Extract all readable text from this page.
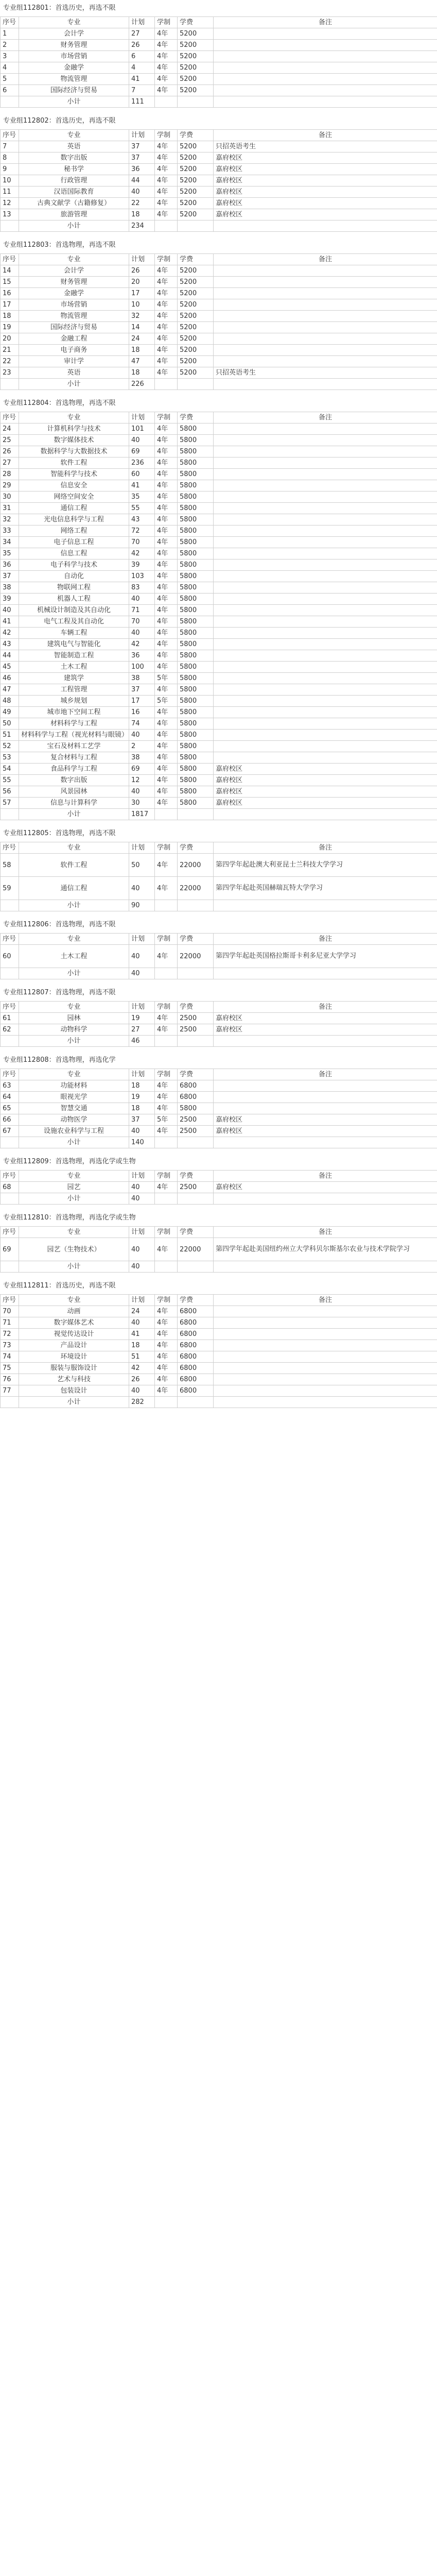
专业组112801：首选历史，再选不限
序号	专业	计划	学制	学费	备注
1	会计学	27	4年	5200	
2	财务管理	26	4年	5200	
3	市场营销	6	4年	5200	
4	金融学	4	4年	5200	
5	物流管理	41	4年	5200	
6	国际经济与贸易	7	4年	5200	
	小计	111			
专业组112802：首选历史，再选不限
序号	专业	计划	学制	学费	备注
7	英语	37	4年	5200	只招英语考生
8	数字出版	37	4年	5200	嘉府校区
9	秘书学	36	4年	5200	嘉府校区
10	行政管理	44	4年	5200	嘉府校区
11	汉语国际教育	40	4年	5200	嘉府校区
12	古典文献学（古籍修复）	22	4年	5200	嘉府校区
13	旅游管理	18	4年	5200	嘉府校区
	小计	234			
专业组112803：首选物理，再选不限
序号	专业	计划	学制	学费	备注
14	会计学	26	4年	5200	
15	财务管理	20	4年	5200	
16	金融学	17	4年	5200	
17	市场营销	10	4年	5200	
18	物流管理	32	4年	5200	
19	国际经济与贸易	14	4年	5200	
20	金融工程	24	4年	5200	
21	电子商务	18	4年	5200	
22	审计学	47	4年	5200	
23	英语	18	4年	5200	只招英语考生
	小计	226			
专业组112804：首选物理，再选不限
序号	专业	计划	学制	学费	备注
24	计算机科学与技术	101	4年	5800	
25	数字媒体技术	40	4年	5800	
26	数据科学与大数据技术	69	4年	5800	
27	软件工程	236	4年	5800	
28	智能科学与技术	60	4年	5800	
29	信息安全	41	4年	5800	
30	网络空间安全	35	4年	5800	
31	通信工程	55	4年	5800	
32	光电信息科学与工程	43	4年	5800	
33	网络工程	72	4年	5800	
34	电子信息工程	70	4年	5800	
35	信息工程	42	4年	5800	
36	电子科学与技术	39	4年	5800	
37	自动化	103	4年	5800	
38	物联网工程	83	4年	5800	
39	机器人工程	40	4年	5800	
40	机械设计制造及其自动化	71	4年	5800	
41	电气工程及其自动化	70	4年	5800	
42	车辆工程	40	4年	5800	
43	建筑电气与智能化	42	4年	5800	
44	智能制造工程	36	4年	5800	
45	土木工程	100	4年	5800	
46	建筑学	38	5年	5800	
47	工程管理	37	4年	5800	
48	城乡规划	17	5年	5800	
49	城市地下空间工程	16	4年	5800	
50	材料科学与工程	74	4年	5800	
51	材料科学与工程（视光材料与眼镜）	40	4年	5800	
52	宝石及材料工艺学	2	4年	5800	
53	复合材料与工程	38	4年	5800	
54	食品科学与工程	69	4年	5800	嘉府校区
55	数字出版	12	4年	5800	嘉府校区
56	风景园林	40	4年	5800	嘉府校区
57	信息与计算科学	30	4年	5800	嘉府校区
	小计	1817			
专业组112805：首选物理，再选不限
序号	专业	计划	学制	学费	备注
58	软件工程	50	4年	22000	第四学年起赴澳大利亚昆士兰科技大学学习
59	通信工程	40	4年	22000	第四学年起赴英国赫瑞瓦特大学学习
	小计	90			
专业组112806：首选物理，再选不限
序号	专业	计划	学制	学费	备注
60	土木工程	40	4年	22000	第四学年起赴英国格拉斯哥卡利多尼亚大学学习
	小计	40			
专业组112807：首选物理，再选不限
序号	专业	计划	学制	学费	备注
61	园林	19	4年	2500	嘉府校区
62	动物科学	27	4年	2500	嘉府校区
	小计	46			
专业组112808：首选物理，再选化学
序号	专业	计划	学制	学费	备注
63	功能材料	18	4年	6800	
64	眼视光学	19	4年	6800	
65	智慧交通	18	4年	5800	
66	动物医学	37	5年	2500	嘉府校区
67	设施农业科学与工程	40	4年	2500	嘉府校区
	小计	140			
专业组112809：首选物理，再选化学或生物
序号	专业	计划	学制	学费	备注
68	园艺	40	4年	2500	嘉府校区
	小计	40			
专业组112810：首选物理，再选化学或生物
序号	专业	计划	学制	学费	备注
69	园艺（生物技术）	40	4年	22000	第四学年起赴美国纽约州立大学科贝尔斯基尔农业与技术学院学习
	小计	40			
专业组112811：首选历史，再选不限
序号	专业	计划	学制	学费	备注
70	动画	24	4年	6800	
71	数字媒体艺术	40	4年	6800	
72	视觉传达设计	41	4年	6800	
73	产品设计	18	4年	6800	
74	环境设计	51	4年	6800	
75	服装与服饰设计	42	4年	6800	
76	艺术与科技	26	4年	6800	
77	包装设计	40	4年	6800	
	小计	282			
